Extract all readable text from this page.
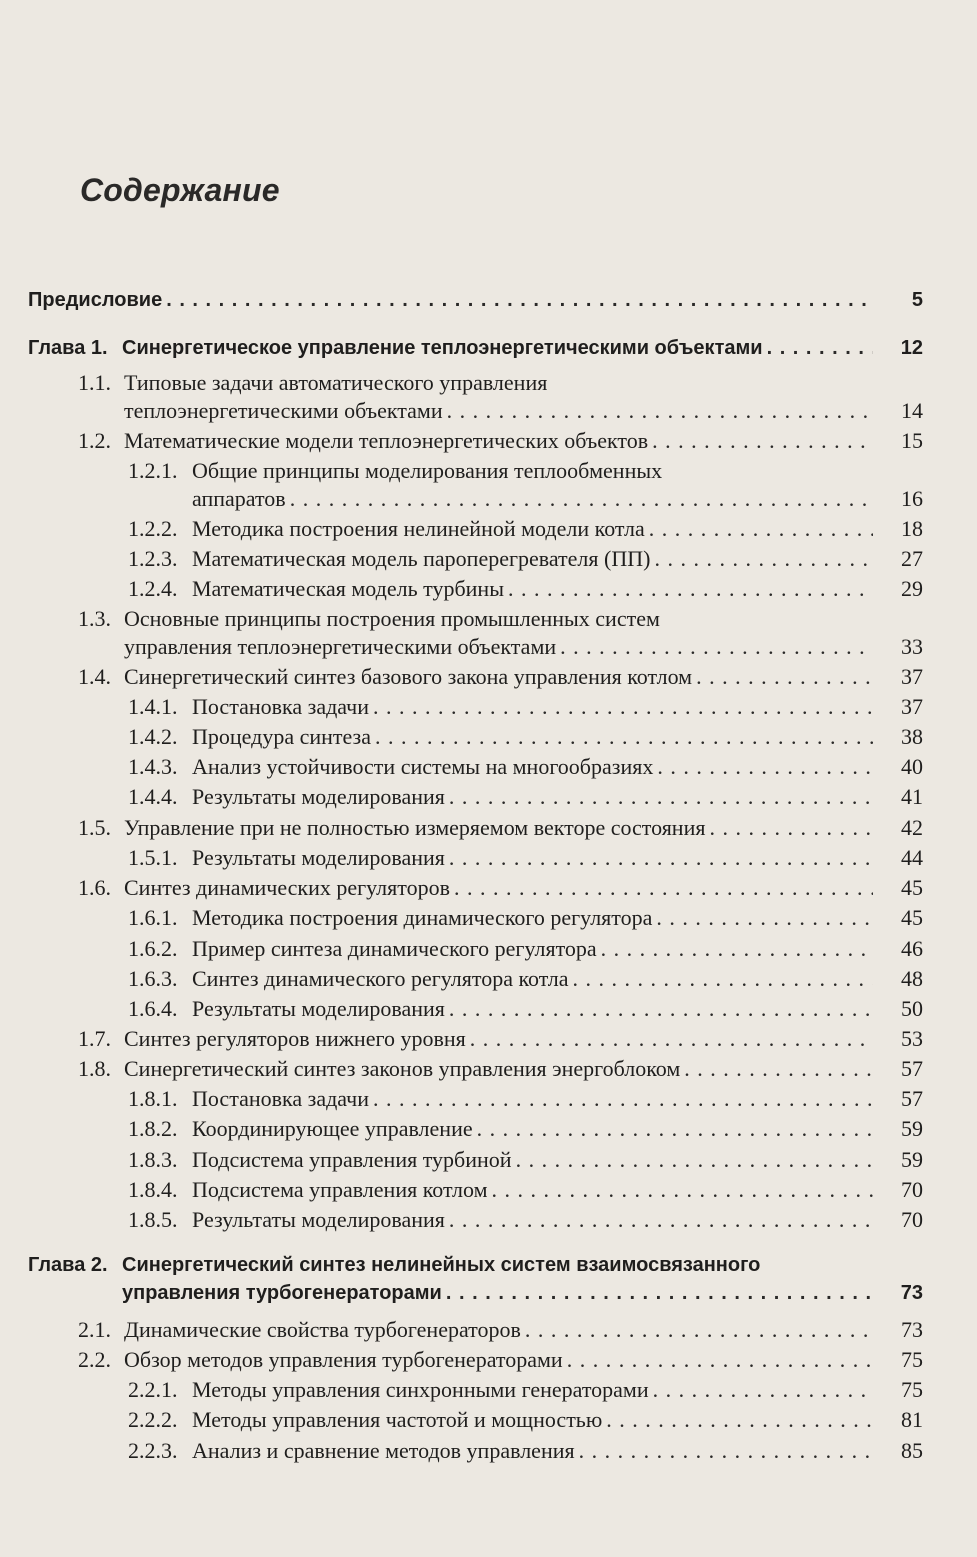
Содержание
Предисловие . . .	5
Глава 1. Синергетическое управление теплоэнергетическими объектами . . .	12
1.1. Типовые задачи автоматического управления
теплоэнергетическими объектами . . .	14
1.2. Математические модели теплоэнергетических объектов . . .	15
1.2.1. Общие принципы моделирования теплообменных
аппаратов . . .	16
1.2.2. Методика построения нелинейной модели котла . . .	18
1.2.3. Математическая модель пароперегревателя (ПП) . . .	27
1.2.4. Математическая модель турбины . . .	29
1.3. Основные принципы построения промышленных систем
управления теплоэнергетическими объектами . . .	33
1.4. Синергетический синтез базового закона управления котлом . . .	37
1.4.1. Постановка задачи . . .	37
1.4.2. Процедура синтеза . . .	38
1.4.3. Анализ устойчивости системы на многообразиях . . .	40
1.4.4. Результаты моделирования . . .	41
1.5. Управление при не полностью измеряемом векторе состояния . . .	42
1.5.1. Результаты моделирования . . .	44
1.6. Синтез динамических регуляторов . . .	45
1.6.1. Методика построения динамического регулятора . . .	45
1.6.2. Пример синтеза динамического регулятора . . .	46
1.6.3. Синтез динамического регулятора котла . . .	48
1.6.4. Результаты моделирования . . .	50
1.7. Синтез регуляторов нижнего уровня . . .	53
1.8. Синергетический синтез законов управления энергоблоком . . .	57
1.8.1. Постановка задачи . . .	57
1.8.2. Координирующее управление . . .	59
1.8.3. Подсистема управления турбиной . . .	59
1.8.4. Подсистема управления котлом . . .	70
1.8.5. Результаты моделирования . . .	70
Глава 2. Синергетический синтез нелинейных систем взаимосвязанного
управления турбогенераторами . . .	73
2.1. Динамические свойства турбогенераторов . . .	73
2.2. Обзор методов управления турбогенераторами . . .	75
2.2.1. Методы управления синхронными генераторами . . .	75
2.2.2. Методы управления частотой и мощностью . . .	81
2.2.3. Анализ и сравнение методов управления . . .	85
